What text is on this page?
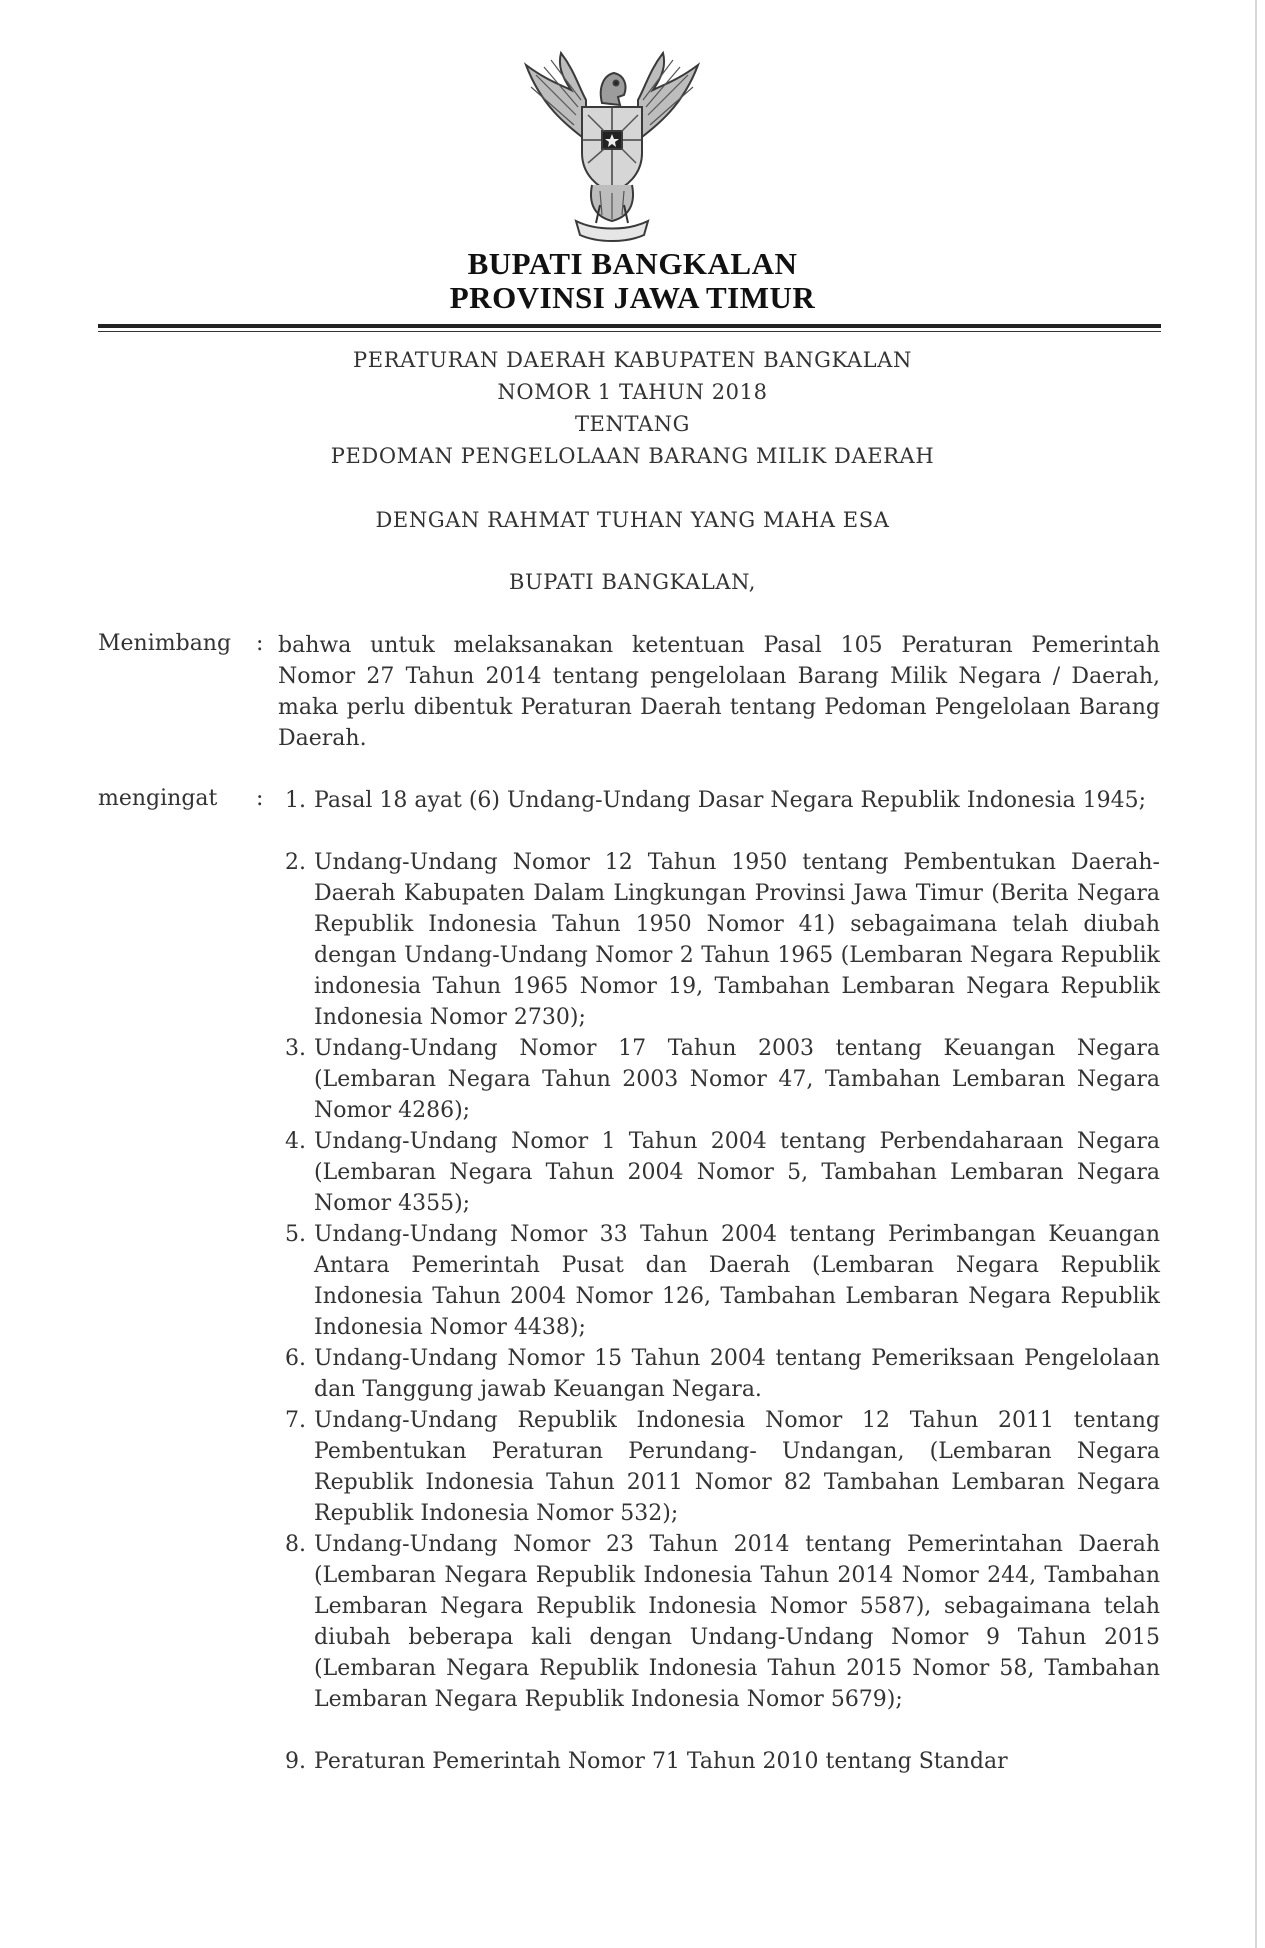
BUPATI BANGKALAN
PROVINSI JAWA TIMUR
PERATURAN DAERAH KABUPATEN BANGKALAN
NOMOR 1 TAHUN 2018
TENTANG
PEDOMAN PENGELOLAAN BARANG MILIK DAERAH
DENGAN RAHMAT TUHAN YANG MAHA ESA
BUPATI BANGKALAN,
Menimbang : bahwa untuk melaksanakan ketentuan Pasal 105 Peraturan Pemerintah Nomor 27 Tahun 2014 tentang pengelolaan Barang Milik Negara / Daerah, maka perlu dibentuk Peraturan Daerah tentang Pedoman Pengelolaan Barang Daerah.
mengingat : 1. Pasal 18 ayat (6) Undang-Undang Dasar Negara Republik Indonesia 1945;
2. Undang-Undang Nomor 12 Tahun 1950 tentang Pembentukan Daerah-Daerah Kabupaten Dalam Lingkungan Provinsi Jawa Timur (Berita Negara Republik Indonesia Tahun 1950 Nomor 41) sebagaimana telah diubah dengan Undang-Undang Nomor 2 Tahun 1965 (Lembaran Negara Republik indonesia Tahun 1965 Nomor 19, Tambahan Lembaran Negara Republik Indonesia Nomor 2730);
3. Undang-Undang Nomor 17 Tahun 2003 tentang Keuangan Negara (Lembaran Negara Tahun 2003 Nomor 47, Tambahan Lembaran Negara Nomor 4286);
4. Undang-Undang Nomor 1 Tahun 2004 tentang Perbendaharaan Negara (Lembaran Negara Tahun 2004 Nomor 5, Tambahan Lembaran Negara Nomor 4355);
5. Undang-Undang Nomor 33 Tahun 2004 tentang Perimbangan Keuangan Antara Pemerintah Pusat dan Daerah (Lembaran Negara Republik Indonesia Tahun 2004 Nomor 126, Tambahan Lembaran Negara Republik Indonesia Nomor 4438);
6. Undang-Undang Nomor 15 Tahun 2004 tentang Pemeriksaan Pengelolaan dan Tanggung jawab Keuangan Negara.
7. Undang-Undang Republik Indonesia Nomor 12 Tahun 2011 tentang Pembentukan Peraturan Perundang- Undangan, (Lembaran Negara Republik Indonesia Tahun 2011 Nomor 82 Tambahan Lembaran Negara Republik Indonesia Nomor 532);
8. Undang-Undang Nomor 23 Tahun 2014 tentang Pemerintahan Daerah (Lembaran Negara Republik Indonesia Tahun 2014 Nomor 244, Tambahan Lembaran Negara Republik Indonesia Nomor 5587), sebagaimana telah diubah beberapa kali dengan Undang-Undang Nomor 9 Tahun 2015 (Lembaran Negara Republik Indonesia Tahun 2015 Nomor 58, Tambahan Lembaran Negara Republik Indonesia Nomor 5679);
9. Peraturan Pemerintah Nomor 71 Tahun 2010 tentang Standar
